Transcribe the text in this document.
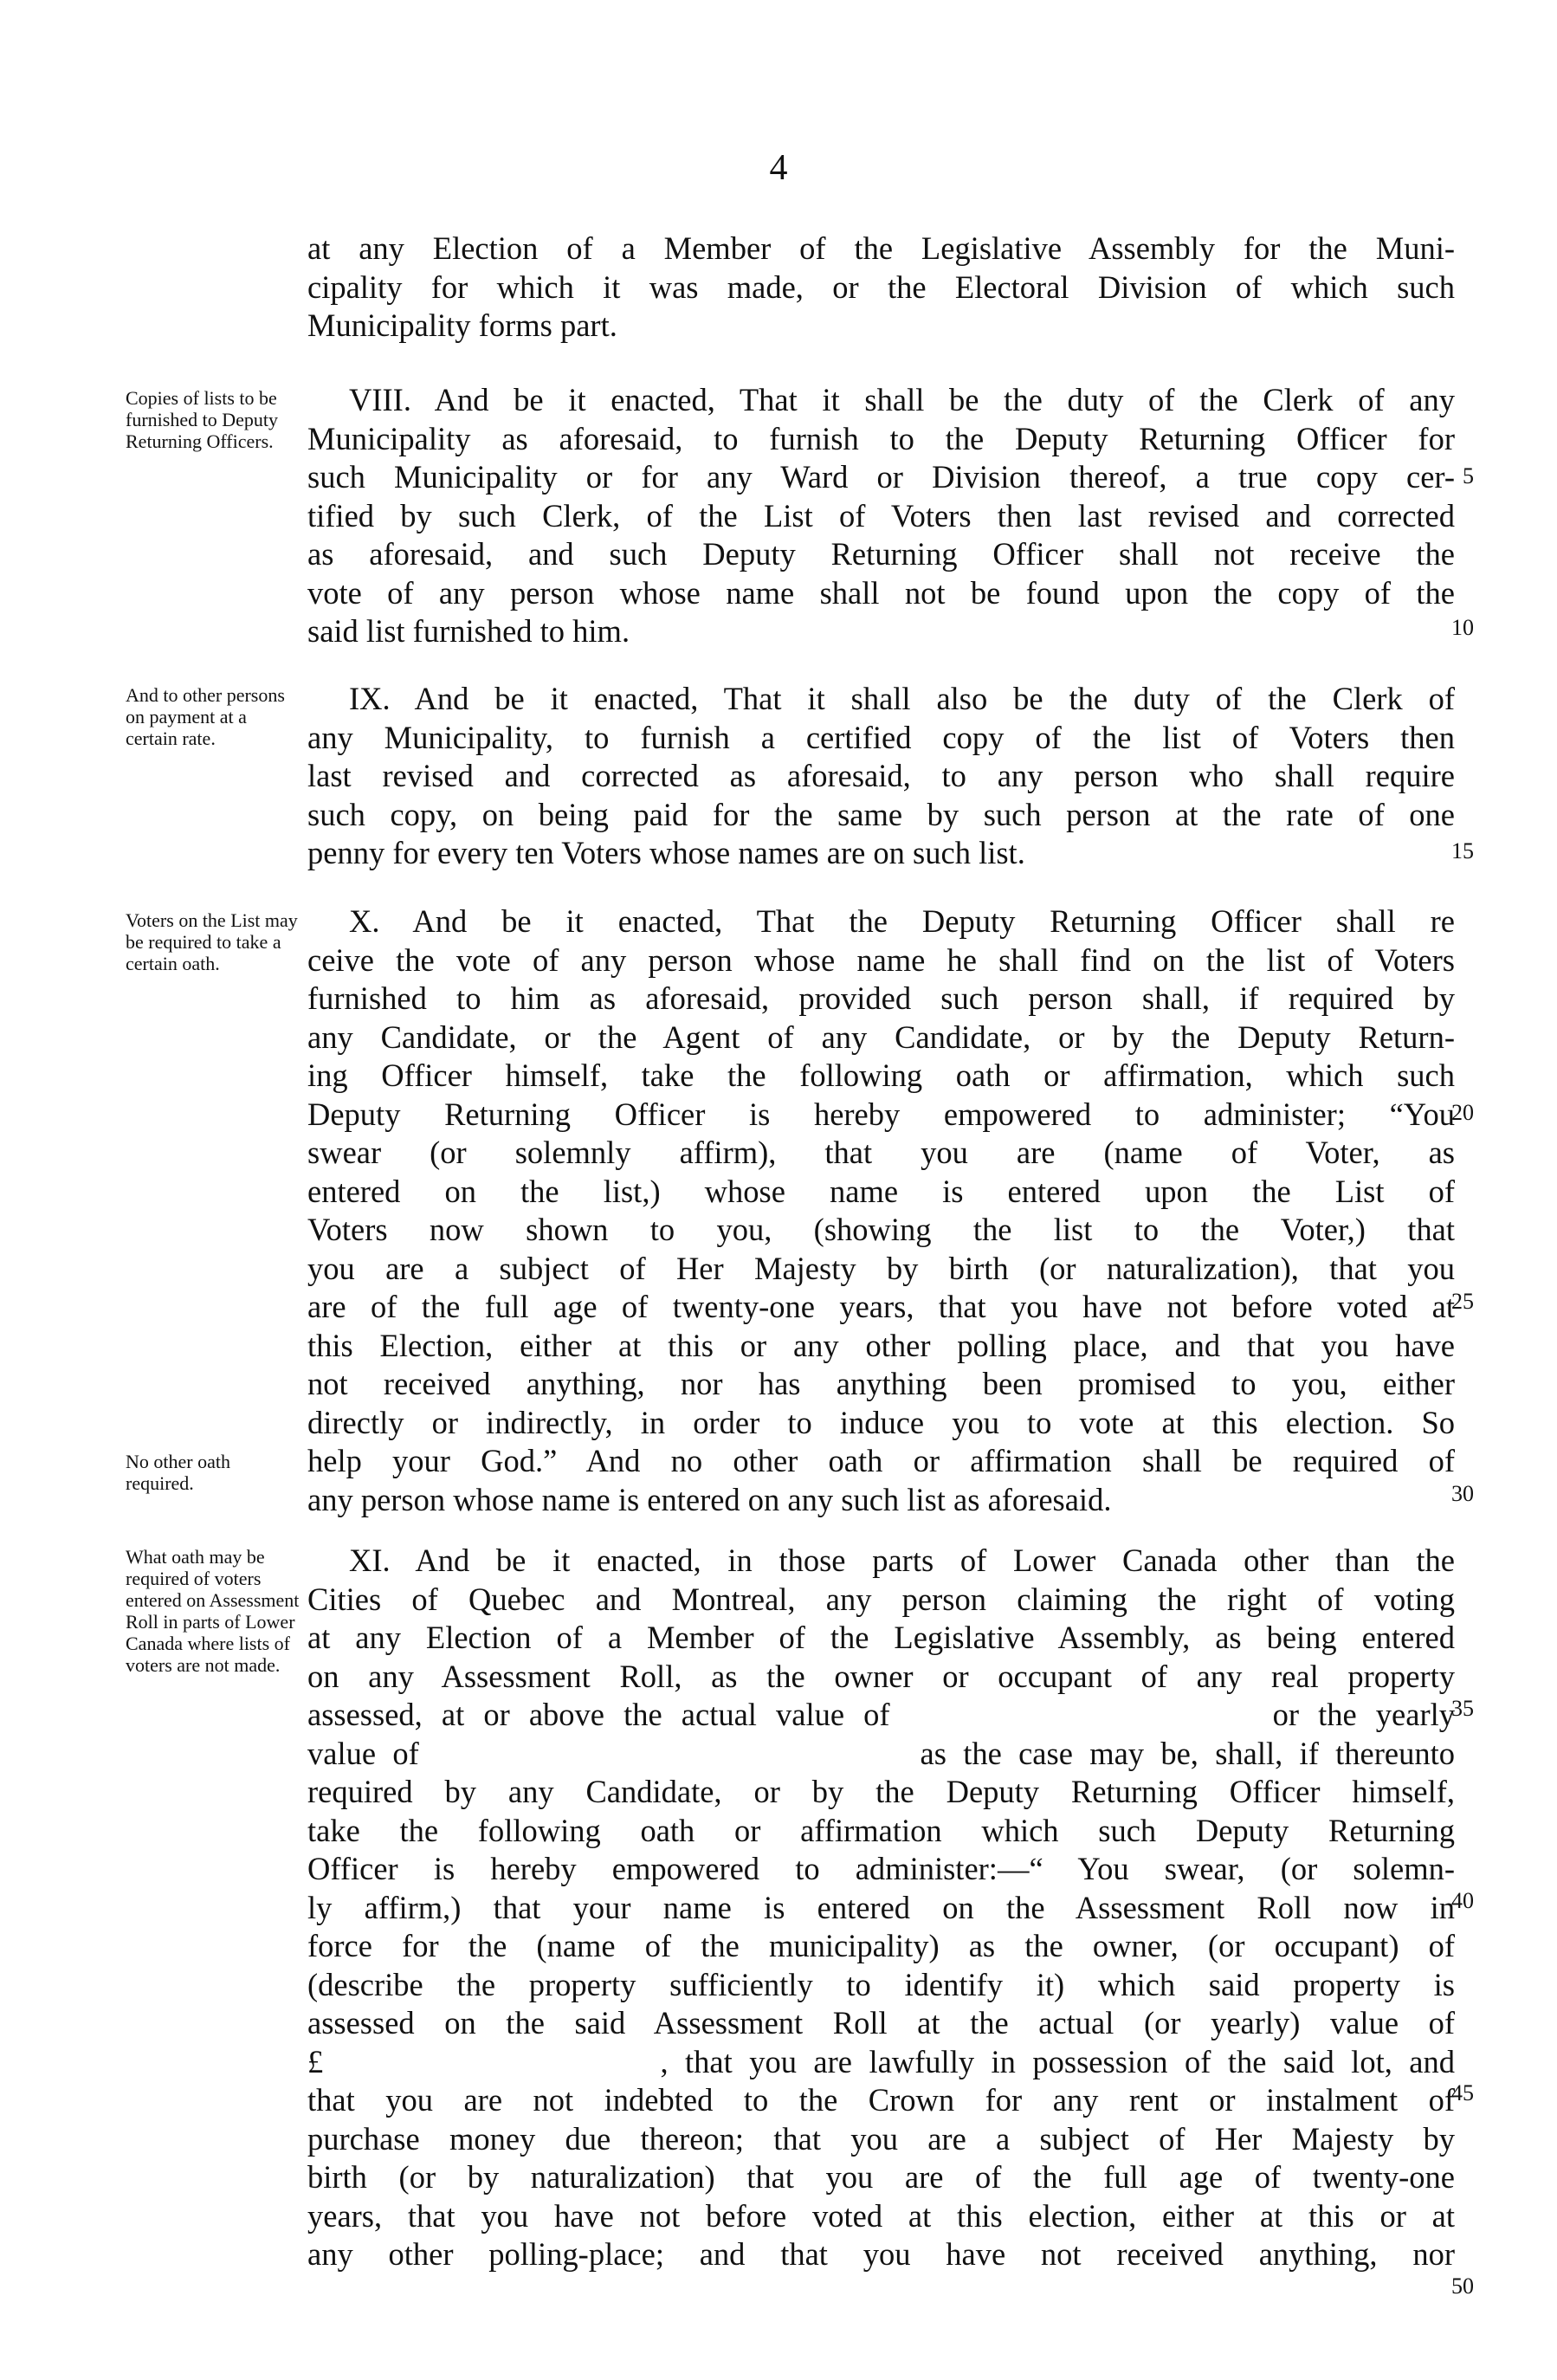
4
at any Election of a Member of the Legislative Assembly for the Muni-
cipality for which it was made, or the Electoral Division of which such
Municipality forms part.
VIII. And be it enacted, That it shall be the duty of the Clerk of any
Municipality as aforesaid, to furnish to the Deputy Returning Officer for
such Municipality or for any Ward or Division thereof, a true copy cer-
tified by such Clerk, of the List of Voters then last revised and corrected
as aforesaid, and such Deputy Returning Officer shall not receive the
vote of any person whose name shall not be found upon the copy of the
said list furnished to him.
IX. And be it enacted, That it shall also be the duty of the Clerk of
any Municipality, to furnish a certified copy of the list of Voters then
last revised and corrected as aforesaid, to any person who shall require
such copy, on being paid for the same by such person at the rate of one
penny for every ten Voters whose names are on such list.
X. And be it enacted, That the Deputy Returning Officer shall re
ceive the vote of any person whose name he shall find on the list of Voters
furnished to him as aforesaid, provided such person shall, if required by
any Candidate, or the Agent of any Candidate, or by the Deputy Return-
ing Officer himself, take the following oath or affirmation, which such
Deputy Returning Officer is hereby empowered to administer; “You
swear (or solemnly affirm), that you are (name of Voter, as
entered on the list,) whose name is entered upon the List of
Voters now shown to you, (showing the list to the Voter,) that
you are a subject of Her Majesty by birth (or naturalization), that you
are of the full age of twenty-one years, that you have not before voted at
this Election, either at this or any other polling place, and that you have
not received anything, nor has anything been promised to you, either
directly or indirectly, in order to induce you to vote at this election. So
help your God.” And no other oath or affirmation shall be required of
any person whose name is entered on any such list as aforesaid.
XI. And be it enacted, in those parts of Lower Canada other than the
Cities of Quebec and Montreal, any person claiming the right of voting
at any Election of a Member of the Legislative Assembly, as being entered
on any Assessment Roll, as the owner or occupant of any real property
assessed, at or above the actual value of                    or the yearly
value of                              as the case may be, shall, if thereunto
required by any Candidate, or by the Deputy Returning Officer himself,
take the following oath or affirmation which such Deputy Returning
Officer is hereby empowered to administer:—“ You swear, (or solemn-
ly affirm,) that your name is entered on the Assessment Roll now in
force for the (name of the municipality) as the owner, (or occupant) of
(describe the property sufficiently to identify it) which said property is
assessed on the said Assessment Roll at the actual (or yearly) value of
£                    , that you are lawfully in possession of the said lot, and
that you are not indebted to the Crown for any rent or instalment of
purchase money due thereon; that you are a subject of Her Majesty by
birth (or by naturalization) that you are of the full age of twenty-one
years, that you have not before voted at this election, either at this or at
any other polling-place; and that you have not received anything, nor
Copies of lists to be furnished to Deputy Returning Officers.
And to other persons on payment at a certain rate.
Voters on the List may be required to take a certain oath.
No other oath required.
What oath may be required of voters entered on Assessment Roll in parts of Lower Canada where lists of voters are not made.
5
10
15
20
25
30
35
40
45
50
